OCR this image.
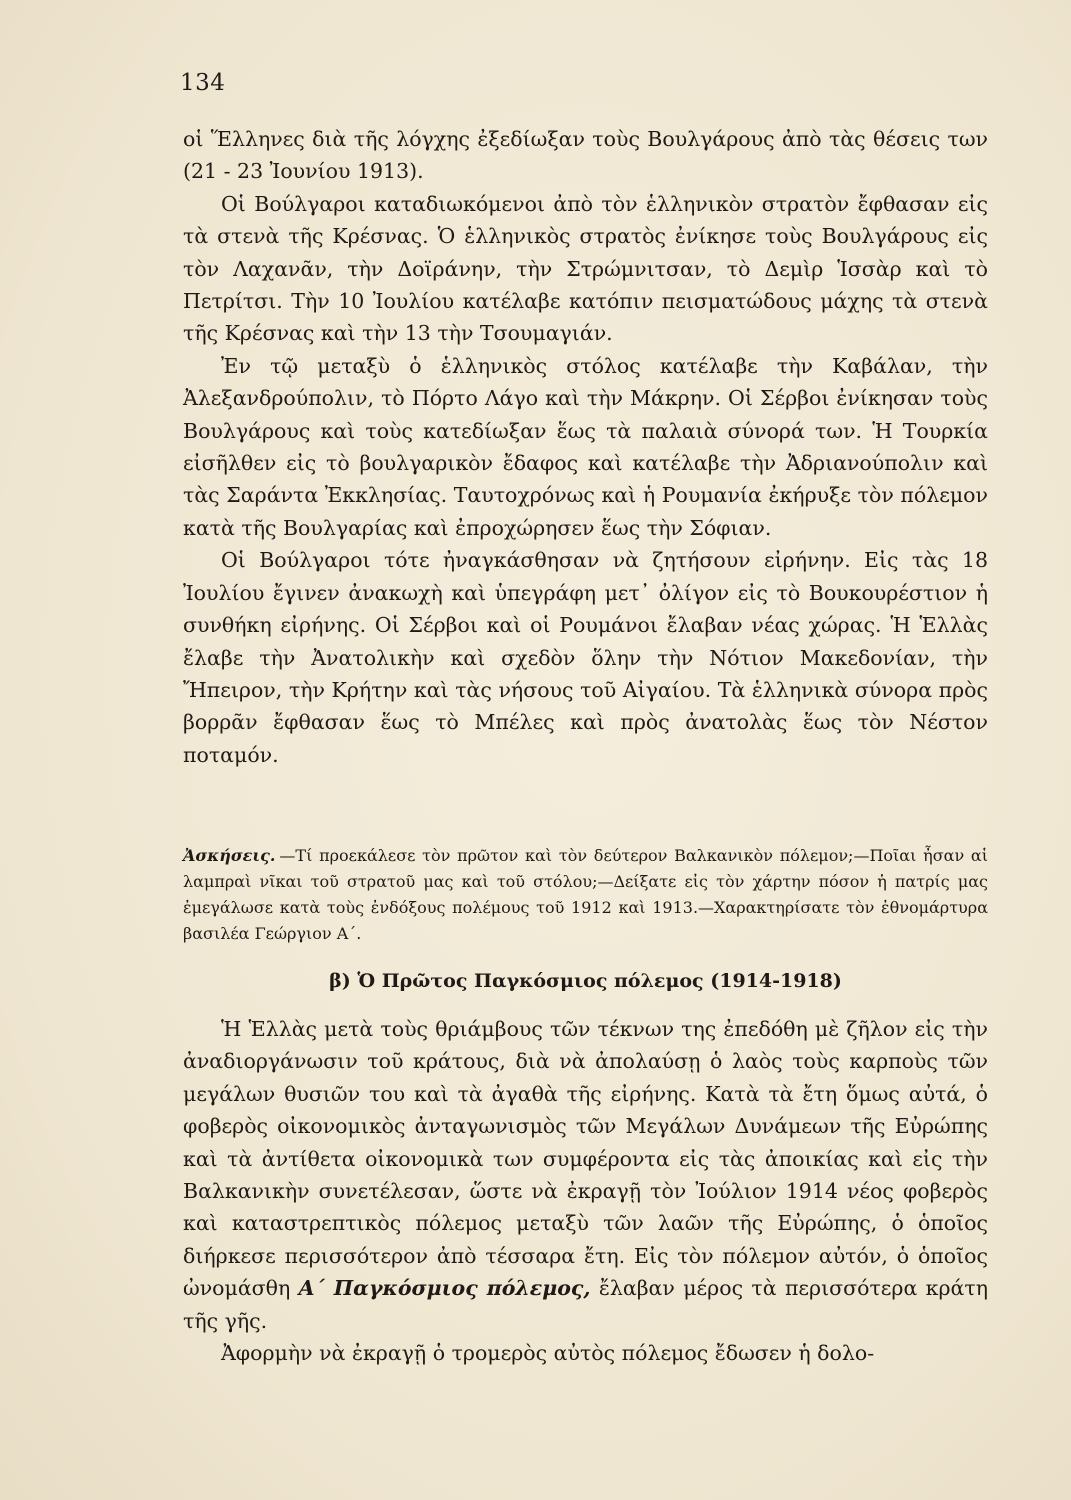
134

οἱ Ἕλληνες διὰ τῆς λόγχης ἐξεδίωξαν τοὺς Βουλγάρους ἀπὸ τὰς θέσεις των (21 - 23 Ἰουνίου 1913).

Οἱ Βούλγαροι καταδιωκόμενοι ἀπὸ τὸν ἑλληνικὸν στρατὸν ἔφθασαν εἰς τὰ στενὰ τῆς Κρέσνας. Ὁ ἑλληνικὸς στρατὸς ἐνίκησε τοὺς Βουλγάρους εἰς τὸν Λαχανᾶν, τὴν Δοϊράνην, τὴν Στρώμνιτσαν, τὸ Δεμὶρ Ἱσσὰρ καὶ τὸ Πετρίτσι. Τὴν 10 Ἰουλίου κατέλαβε κατόπιν πεισματώδους μάχης τὰ στενὰ τῆς Κρέσνας καὶ τὴν 13 τὴν Τσουμαγιάν.

Ἐν τῷ μεταξὺ ὁ ἑλληνικὸς στόλος κατέλαβε τὴν Καβάλαν, τὴν Ἀλεξανδρούπολιν, τὸ Πόρτο Λάγο καὶ τὴν Μάκρην. Οἱ Σέρβοι ἐνίκησαν τοὺς Βουλγάρους καὶ τοὺς κατεδίωξαν ἕως τὰ παλαιὰ σύνορά των. Ἡ Τουρκία εἰσῆλθεν εἰς τὸ βουλγαρικὸν ἔδαφος καὶ κατέλαβε τὴν Ἀδριανούπολιν καὶ τὰς Σαράντα Ἐκκλησίας. Ταυτοχρόνως καὶ ἡ Ρουμανία ἐκήρυξε τὸν πόλεμον κατὰ τῆς Βουλγαρίας καὶ ἐπροχώρησεν ἕως τὴν Σόφιαν.

Οἱ Βούλγαροι τότε ἠναγκάσθησαν νὰ ζητήσουν εἰρήνην. Εἰς τὰς 18 Ἰουλίου ἔγινεν ἀνακωχὴ καὶ ὑπεγράφη μετ᾽ ὀλίγον εἰς τὸ Βουκουρέστιον ἡ συνθήκη εἰρήνης. Οἱ Σέρβοι καὶ οἱ Ρουμάνοι ἔλαβαν νέας χώρας. Ἡ Ἑλλὰς ἔλαβε τὴν Ἀνατολικὴν καὶ σχεδὸν ὅλην τὴν Νότιον Μακεδονίαν, τὴν Ἤπειρον, τὴν Κρήτην καὶ τὰς νήσους τοῦ Αἰγαίου. Τὰ ἑλληνικὰ σύνορα πρὸς βορρᾶν ἔφθασαν ἕως τὸ Μπέλες καὶ πρὸς ἀνατολὰς ἕως τὸν Νέστον ποταμόν.

Ἀσκήσεις. —Τί προεκάλεσε τὸν πρῶτον καὶ τὸν δεύτερον Βαλκανικὸν πόλεμον;—Ποῖαι ἦσαν αἱ λαμπραὶ νῖκαι τοῦ στρατοῦ μας καὶ τοῦ στόλου;—Δείξατε εἰς τὸν χάρτην πόσον ἡ πατρίς μας ἐμεγάλωσε κατὰ τοὺς ἐνδόξους πολέμους τοῦ 1912 καὶ 1913.—Χαρακτηρίσατε τὸν ἐθνομάρτυρα βασιλέα Γεώργιον Α΄.
β) Ὁ Πρῶτος Παγκόσμιος πόλεμος (1914-1918)

Ἡ Ἑλλὰς μετὰ τοὺς θριάμβους τῶν τέκνων της ἐπεδόθη μὲ ζῆλον εἰς τὴν ἀναδιοργάνωσιν τοῦ κράτους, διὰ νὰ ἀπολαύσῃ ὁ λαὸς τοὺς καρποὺς τῶν μεγάλων θυσιῶν του καὶ τὰ ἀγαθὰ τῆς εἰρήνης. Κατὰ τὰ ἔτη ὅμως αὐτά, ὁ φοβερὸς οἰκονομικὸς ἀνταγωνισμὸς τῶν Μεγάλων Δυνάμεων τῆς Εὐρώπης καὶ τὰ ἀντίθετα οἰκονομικὰ των συμφέροντα εἰς τὰς ἀποικίας καὶ εἰς τὴν Βαλκανικὴν συνετέλεσαν, ὥστε νὰ ἐκραγῇ τὸν Ἰούλιον 1914 νέος φοβερὸς καὶ καταστρεπτικὸς πόλεμος μεταξὺ τῶν λαῶν τῆς Εὐρώπης, ὁ ὁποῖος διήρκεσε περισσότερον ἀπὸ τέσσαρα ἔτη. Εἰς τὸν πόλεμον αὐτόν, ὁ ὁποῖος ὠνομάσθη Α΄ Παγκόσμιος πόλεμος, ἔλαβαν μέρος τὰ περισσότερα κράτη τῆς γῆς.

Ἀφορμὴν νὰ ἐκραγῇ ὁ τρομερὸς αὐτὸς πόλεμος ἔδωσεν ἡ δολο-
